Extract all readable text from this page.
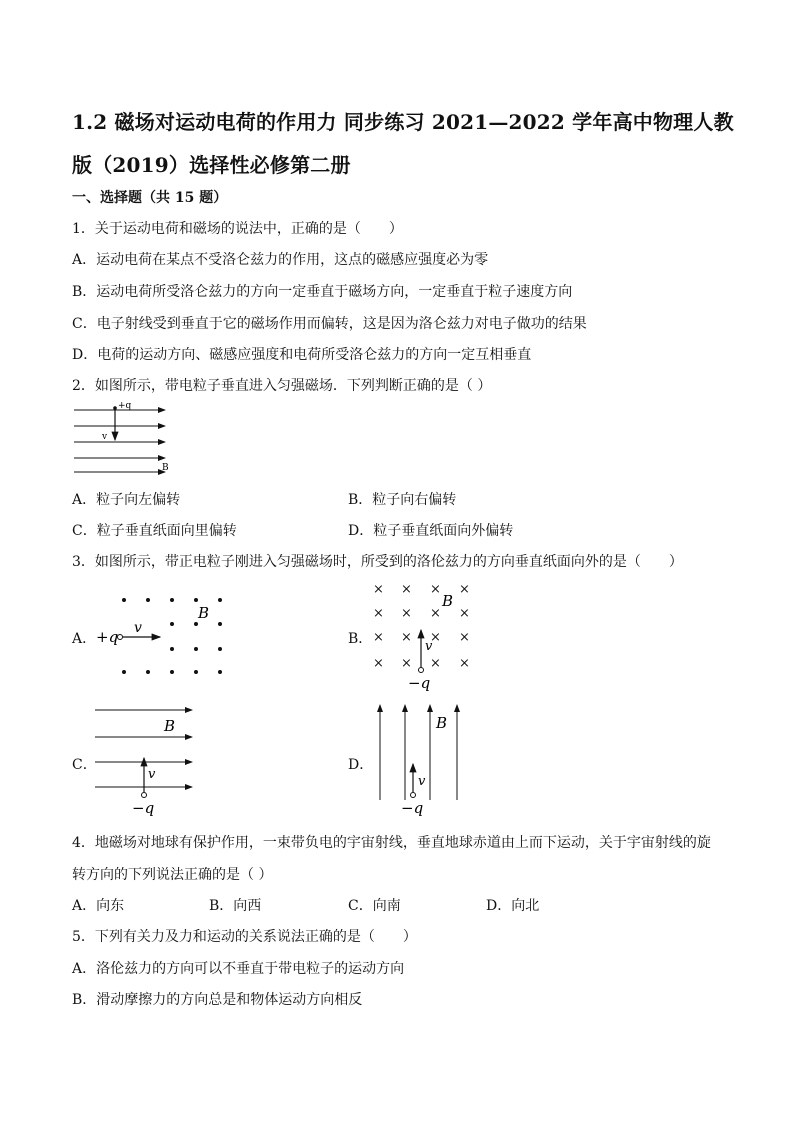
1.2 磁场对运动电荷的作用力 同步练习 2021—2022 学年高中物理人教
版（2019）选择性必修第二册
一、选择题（共 15 题）
1．关于运动电荷和磁场的说法中，正确的是（　　）
A．运动电荷在某点不受洛仑兹力的作用，这点的磁感应强度必为零
B．运动电荷所受洛仑兹力的方向一定垂直于磁场方向，一定垂直于粒子速度方向
C．电子射线受到垂直于它的磁场作用而偏转，这是因为洛仑兹力对电子做功的结果
D．电荷的运动方向、磁感应强度和电荷所受洛仑兹力的方向一定互相垂直
2．如图所示，带电粒子垂直进入匀强磁场．下列判断正确的是（ ）
+q
v
B
A．粒子向左偏转	B．粒子向右偏转
C．粒子垂直纸面向里偏转	D．粒子垂直纸面向外偏转
3．如图所示，带正电粒子刚进入匀强磁场时，所受到的洛伦兹力的方向垂直纸面向外的是（　　）
A． +q v
B
B．
× × × ×
× × × ×
× × × ×
× × × ×
v
B
−q
C．
v
B
−q
D．
v
B
−q
4．地磁场对地球有保护作用，一束带负电的宇宙射线，垂直地球赤道由上而下运动，关于宇宙射线的旋
转方向的下列说法正确的是（ ）
A．向东	B．向西	C．向南	D．向北
5．下列有关力及力和运动的关系说法正确的是（　　）
A．洛伦兹力的方向可以不垂直于带电粒子的运动方向
B．滑动摩擦力的方向总是和物体运动方向相反
